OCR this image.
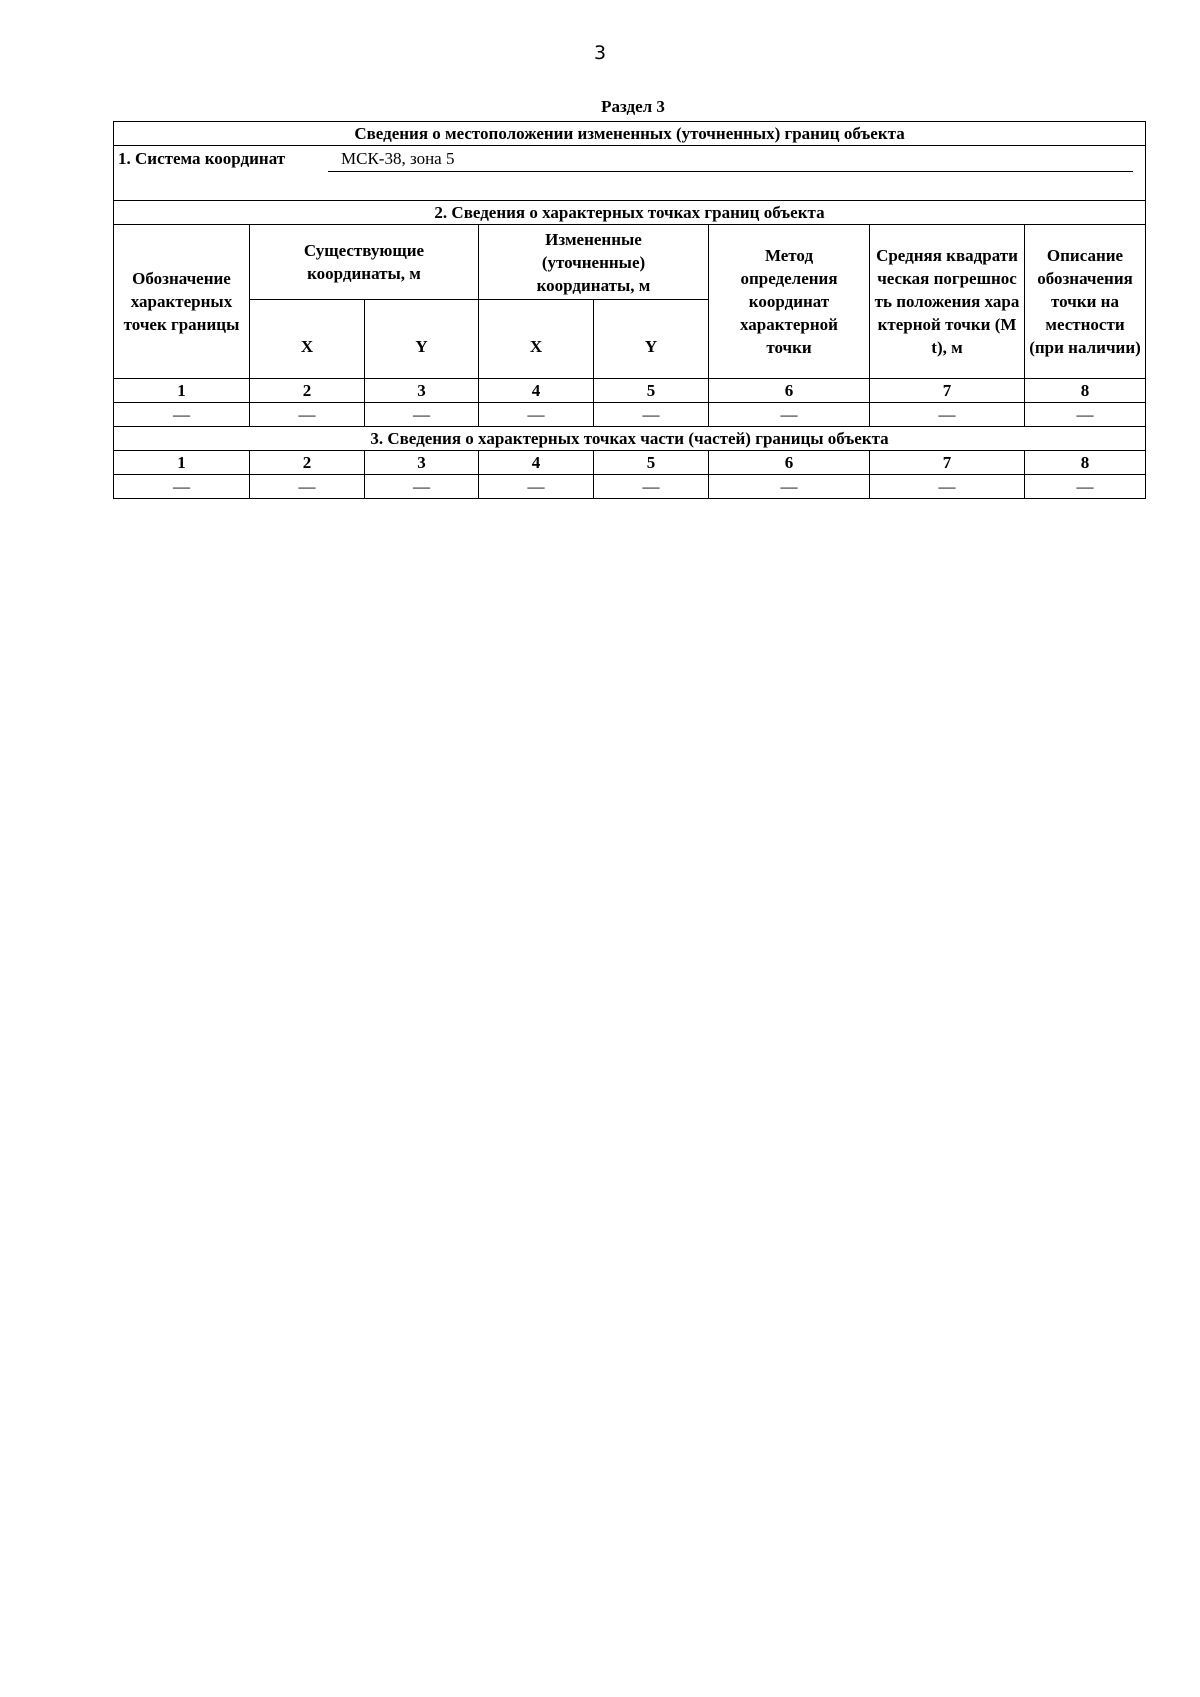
3
Раздел 3
Сведения о местоположении измененных (уточненных) границ объекта							

1. Система координат МСК-38, зона 5							

2. Сведения о характерных точках границ объекта							
Обозначение характерных точек границы	Существующие координаты, м		Измененные (уточненные) координаты, м		Метод определения координат характерной точки	Средняя квадратическая погрешность положения характерной точки (Mt), м	Описание обозначения точки на местности (при наличии)
	X	Y	X	Y			
1	2	3	4	5	6	7	8
—	—	—	—	—	—	—	—
3. Сведения о характерных точках части (частей) границы объекта							
1	2	3	4	5	6	7	8
—	—	—	—	—	—	—	—
